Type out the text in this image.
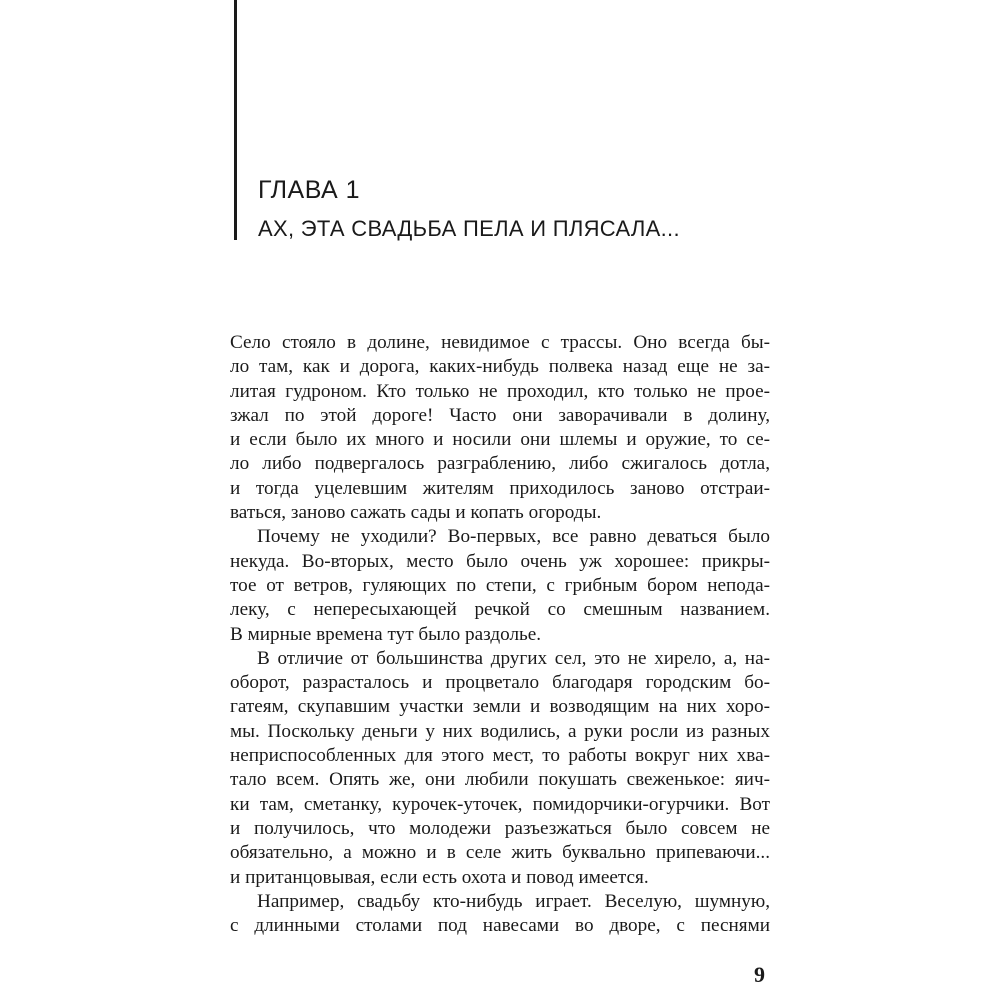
ГЛАВА 1
АХ, ЭТА СВАДЬБА ПЕЛА И ПЛЯСАЛА...
Село стояло в долине, невидимое с трассы. Оно всегда бы-
ло там, как и дорога, каких-нибудь полвека назад еще не за-
литая гудроном. Кто только не проходил, кто только не прое-
зжал по этой дороге! Часто они заворачивали в долину,
и если было их много и носили они шлемы и оружие, то се-
ло либо подвергалось разграблению, либо сжигалось дотла,
и тогда уцелевшим жителям приходилось заново отстраи-
ваться, заново сажать сады и копать огороды.
Почему не уходили? Во-первых, все равно деваться было
некуда. Во-вторых, место было очень уж хорошее: прикры-
тое от ветров, гуляющих по степи, с грибным бором непода-
леку, с непересыхающей речкой со смешным названием.
В мирные времена тут было раздолье.
В отличие от большинства других сел, это не хирело, а, на-
оборот, разрасталось и процветало благодаря городским бо-
гатеям, скупавшим участки земли и возводящим на них хоро-
мы. Поскольку деньги у них водились, а руки росли из разных
неприспособленных для этого мест, то работы вокруг них хва-
тало всем. Опять же, они любили покушать свеженькое: яич-
ки там, сметанку, курочек-уточек, помидорчики-огурчики. Вот
и получилось, что молодежи разъезжаться было совсем не
обязательно, а можно и в селе жить буквально припеваючи...
и пританцовывая, если есть охота и повод имеется.
Например, свадьбу кто-нибудь играет. Веселую, шумную,
с длинными столами под навесами во дворе, с песнями
9
